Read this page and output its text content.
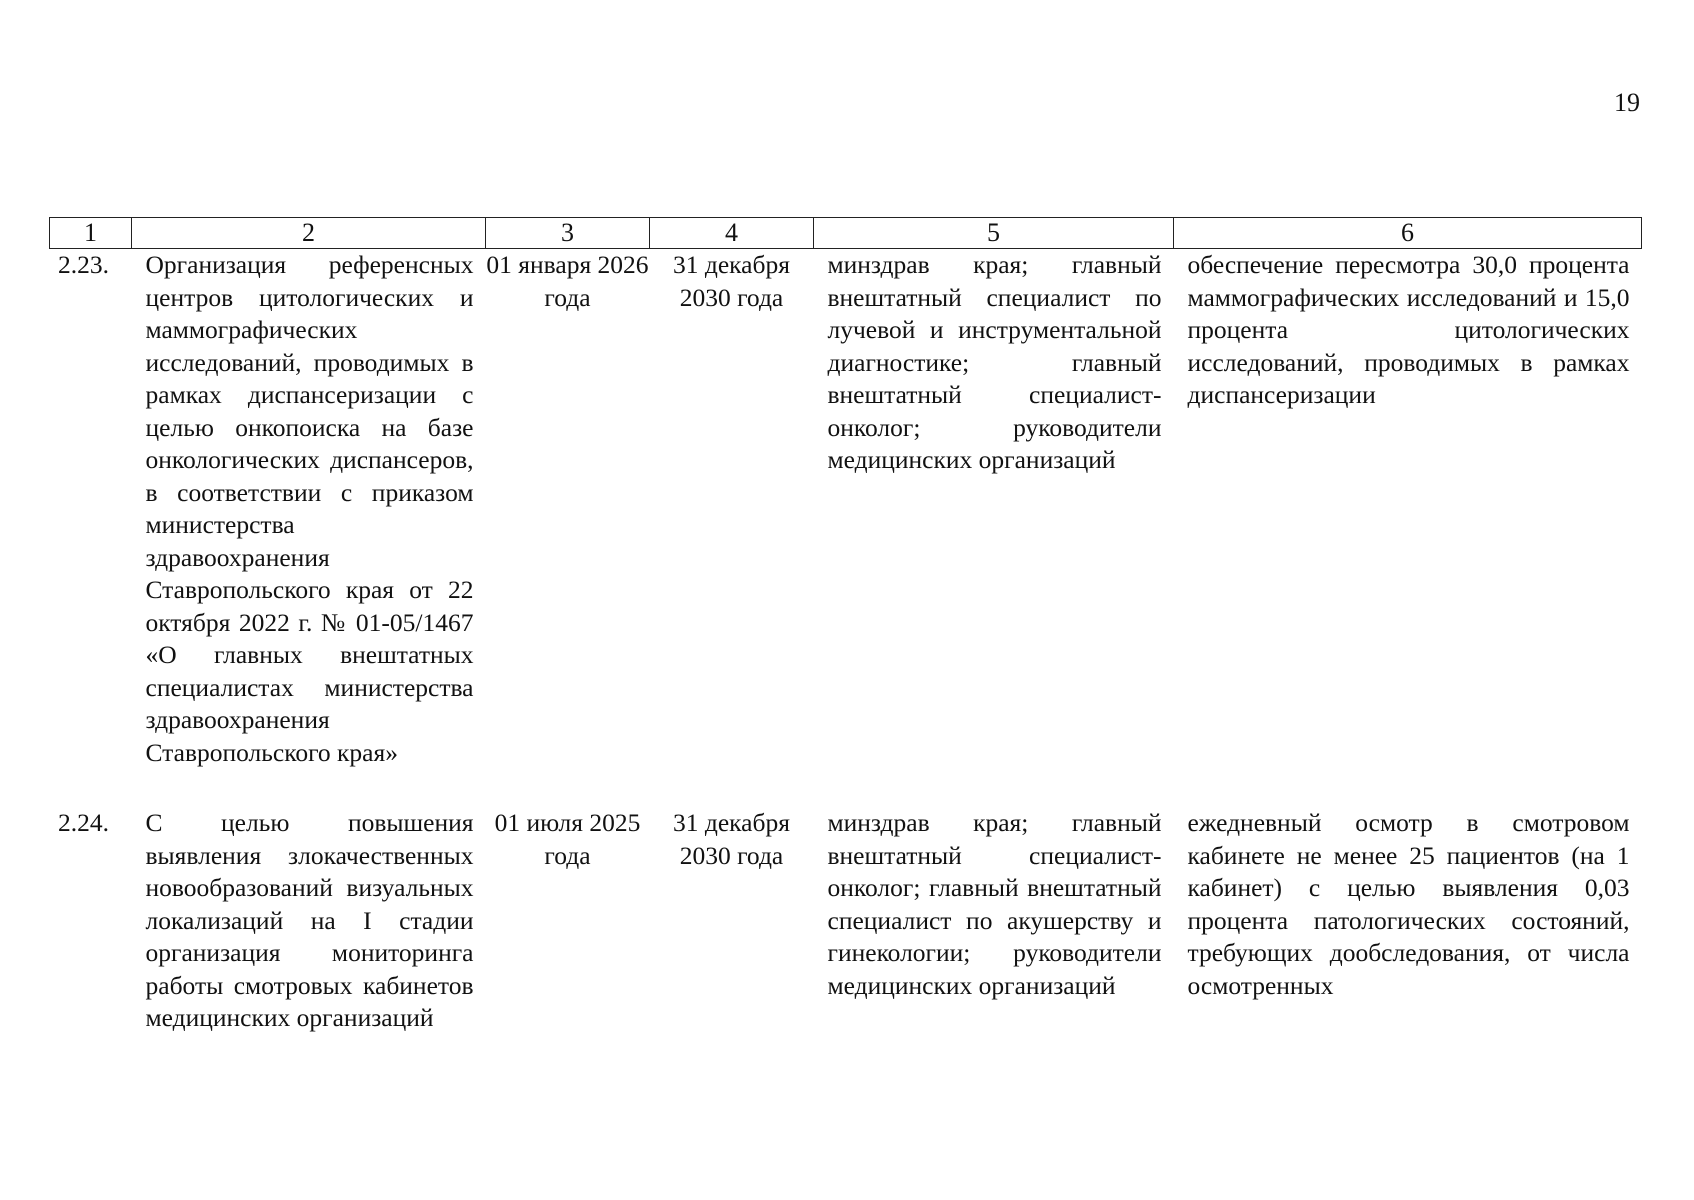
19
1	2	3	4	5	6
2.23.	Организация референсных центров цитологических и маммографических исследований, проводимых в рамках диспансеризации с целью онкопоиска на базе онкологических диспансеров, в соответствии с приказом министерства здравоохранения Ставропольского края от 22 октября 2022 г. № 01-05/1467 «О главных внештатных специалистах министерства здравоохранения Ставропольского края»	01 января 2026 года	31 декабря 2030 года	минздрав края; главный внештатный специалист по лучевой и инструментальной диагностике; главный внештатный специалист-онколог; руководители медицинских организаций	обеспечение пересмотра 30,0 процента маммографических исследований и 15,0 процента цитологических исследований, проводимых в рамках диспансеризации
2.24.	С целью повышения выявления злокачественных новообразований визуальных локализаций на I стадии организация мониторинга работы смотровых кабинетов медицинских организаций	01 июля 2025 года	31 декабря 2030 года	минздрав края; главный внештатный специалист-онколог; главный внештатный специалист по акушерству и гинекологии; руководители медицинских организаций	ежедневный осмотр в смотровом кабинете не менее 25 пациентов (на 1 кабинет) с целью выявления 0,03 процента патологических состояний, требующих дообследования, от числа осмотренных
